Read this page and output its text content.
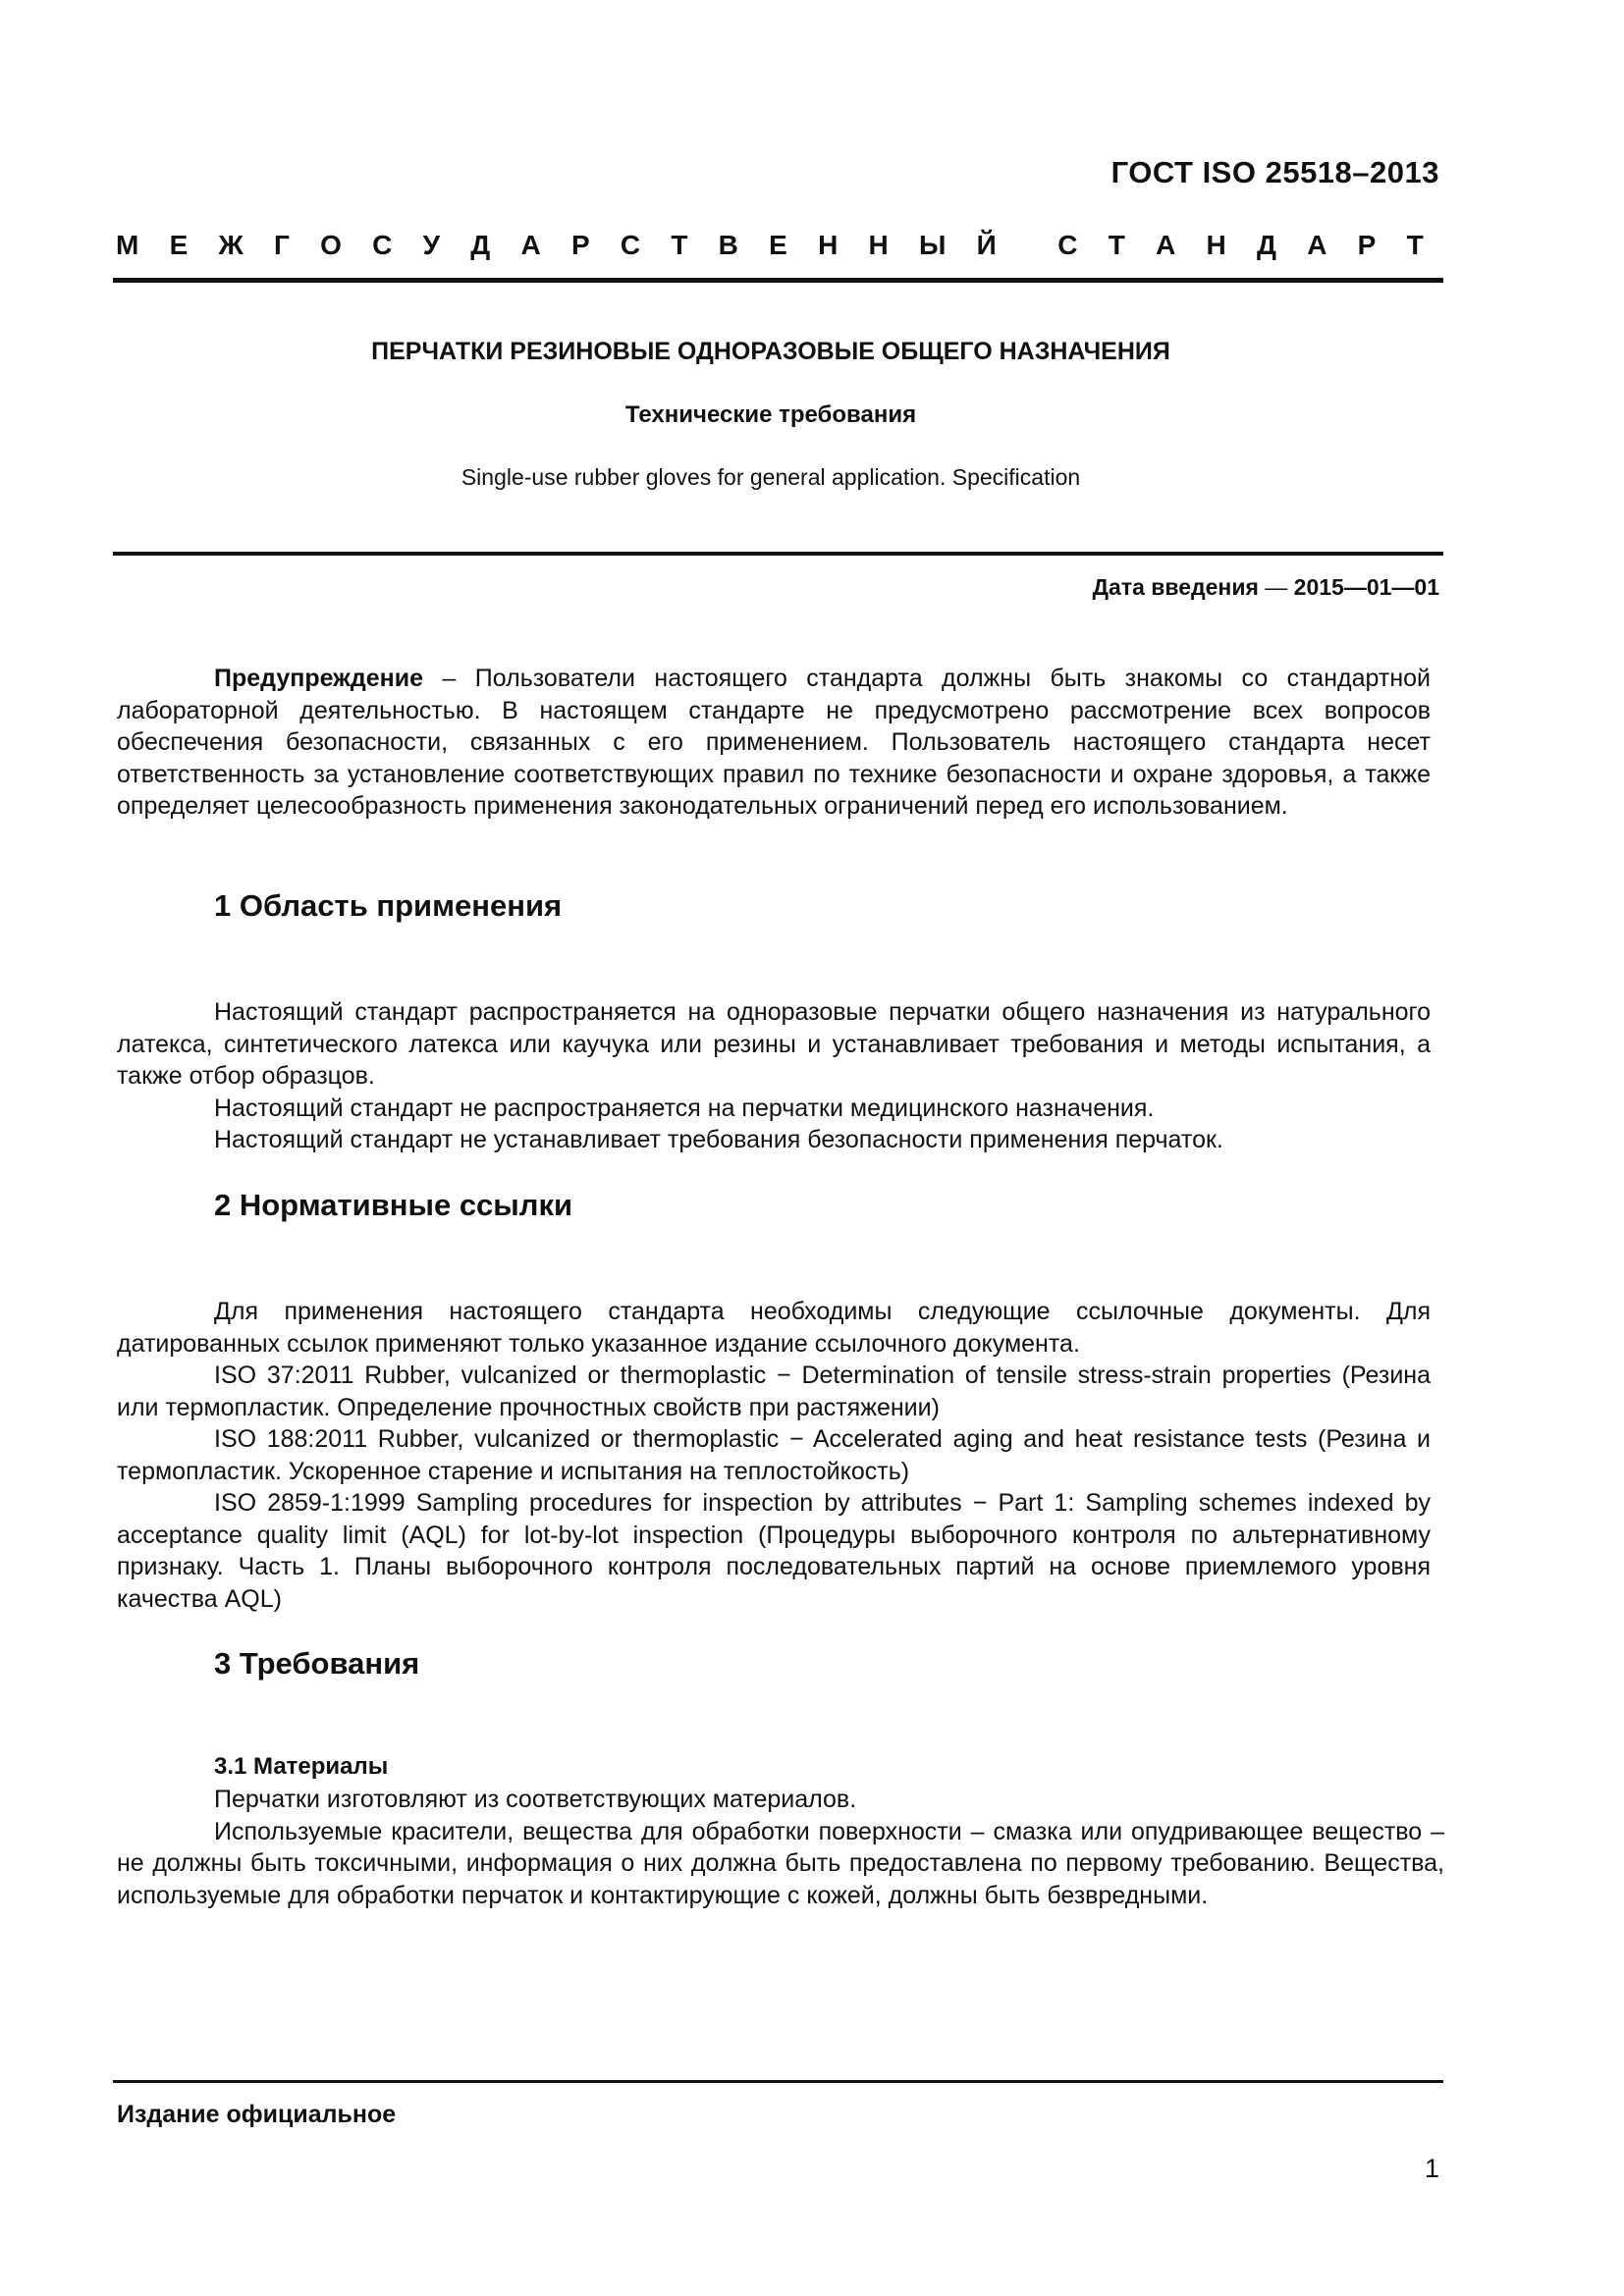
ГОСТ ISO 25518–2013
М Е Ж Г О С У Д А Р С Т В Е Н Н Ы Й С Т А Н Д А Р Т
ПЕРЧАТКИ РЕЗИНОВЫЕ ОДНОРАЗОВЫЕ ОБЩЕГО НАЗНАЧЕНИЯ
Технические требования
Single-use rubber gloves for general application. Specification
Дата введения — 2015—01—01

Предупреждение – Пользователи настоящего стандарта должны быть знакомы со стандартной лабораторной деятельностью. В настоящем стандарте не предусмотрено рассмотрение всех вопросов обеспечения безопасности, связанных с его применением. Пользователь настоящего стандарта несет ответственность за установление соответствующих правил по технике безопасности и охране здоровья, а также определяет целесообразность применения законодательных ограничений перед его использованием.

1 Область применения

Настоящий стандарт распространяется на одноразовые перчатки общего назначения из натурального латекса, синтетического латекса или каучука или резины и устанавливает требования и методы испытания, а также отбор образцов.

Настоящий стандарт не распространяется на перчатки медицинского назначения.

Настоящий стандарт не устанавливает требования безопасности применения перчаток.

2 Нормативные ссылки

Для применения настоящего стандарта необходимы следующие ссылочные документы. Для датированных ссылок применяют только указанное издание ссылочного документа.

ISO 37:2011 Rubber, vulcanized or thermoplastic − Determination of tensile stress-strain properties (Резина или термопластик. Определение прочностных свойств при растяжении)

ISO 188:2011 Rubber, vulcanized or thermoplastic − Accelerated aging and heat resistance tests (Резина и термопластик. Ускоренное старение и испытания на теплостойкость)

ISO 2859-1:1999 Sampling procedures for inspection by attributes − Part 1: Sampling schemes indexed by acceptance quality limit (AQL) for lot-by-lot inspection (Процедуры выборочного контроля по альтернативному признаку. Часть 1. Планы выборочного контроля последовательных партий на основе приемлемого уровня качества AQL)

3 Требования
3.1 Материалы

Перчатки изготовляют из соответствующих материалов.

Используемые красители, вещества для обработки поверхности – смазка или опудривающее вещество – не должны быть токсичными, информация о них должна быть предоставлена по первому требованию. Вещества, используемые для обработки перчаток и контактирующие с кожей, должны быть безвредными.

Издание официальное
1
